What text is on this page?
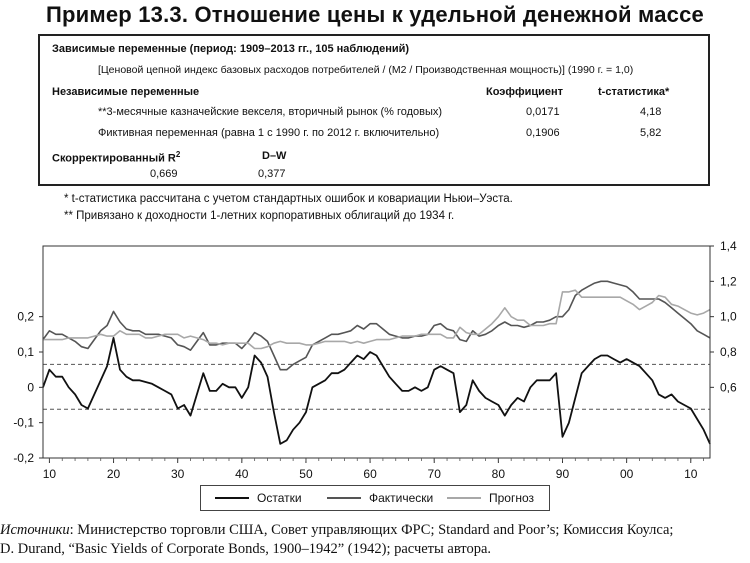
Пример 13.3. Отношение цены к удельной денежной массе
Зависимые переменные (период: 1909–2013 гг., 105 наблюдений)
[Ценовой цепной индекс базовых расходов потребителей / (M2 / Производственная мощность)] (1990 г. = 1,0)
Независимые переменные	Коэффициент	t-статистика*
**3-месячные казначейские векселя, вторичный рынок (% годовых)	0,0171	4,18
Фиктивная переменная (равна 1 с 1990 г. по 2012 г. включительно)	0,1906	5,82
Скорректированный $R^2$	D–W
0,669	0,377
* t-статистика рассчитана с учетом стандартных ошибок и ковариации Ньюи–Уэста.
** Привязано к доходности 1-летних корпоративных облигаций до 1934 г.
10	20	30	40	50	60	70	80	90	00	10
0,2
0,1
0
-0,1
-0,2
1,4
1,2
1,0
0,8
0,6
Остатки	Фактически	Прогноз
Источники: Министерство торговли США, Совет управляющих ФРС; Standard and Poor’s; Комиссия Коулса;
D. Durand, “Basic Yields of Corporate Bonds, 1900–1942” (1942); расчеты автора.
